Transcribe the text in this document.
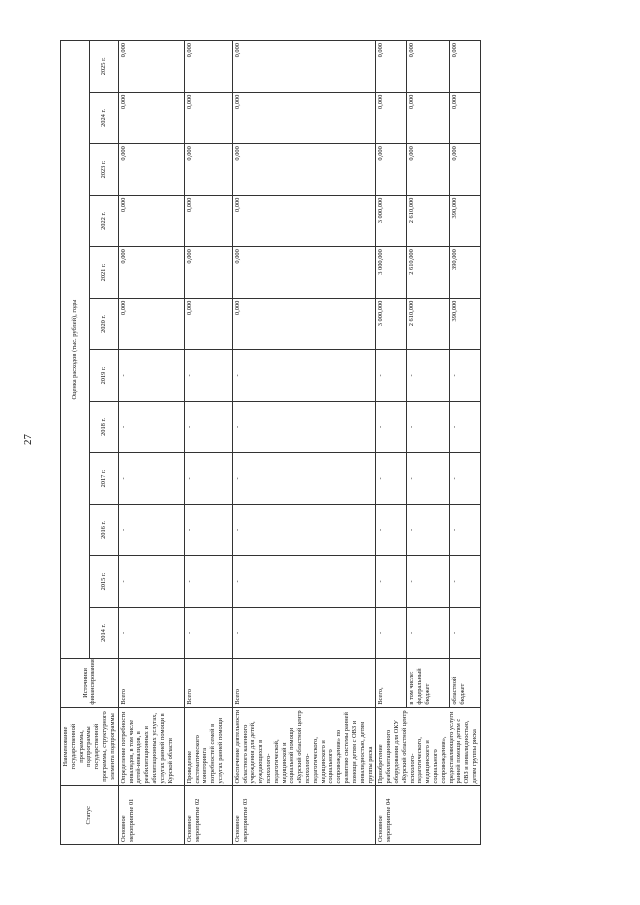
27
Статус	Наименование государственной программы, подпрограммы государственной программы, структурного элемента подпрограммы	Источники финансирования	Оценка расходов (тыс. рублей), годы											
			2014 г.	2015 г.	2016 г.	2017 г.	2018 г.	2019 г.	2020 г.	2021 г.	2022 г.	2023 г.	2024 г.	2025 г.
Основное мероприятие 01	Определение потребности инвалидов, в том числе детей-инвалидов, в реабилитационных и абилитационных услугах, услугах ранней помощи в Курской области	Всего	-	-	-	-	-	-	0,000	0,000	0,000	0,000	0,000	0,000
Основное мероприятие 02	Проведение систематического мониторинга потребностей семей в услугах ранней помощи	Всего	-	-	-	-	-	-	0,000	0,000	0,000	0,000	0,000	0,000
Основное мероприятие 03	Обеспечение деятельности областного казенного учреждения для детей, нуждающихся в психолого-педагогической, медицинской и социальной помощи «Курский областной центр психолого-педагогического, медицинского и социального сопровождения» по развитию системы ранней помощи детям с ОВЗ и инвалидностью, детям группы риска	Всего	-	-	-	-	-	-	0,000	0,000	0,000	0,000	0,000	0,000
Основное мероприятие 04	Приобретение реабилитационного оборудования для ОКУ «Курский областной центр психолого-педагогического, медицинского и социального сопровождения», предоставляющего услуги ранней помощи детям с ОВЗ и инвалидностью, детям группы риска	Всего,	-	-	-	-	-	-	3 000,000	3 000,000	3 000,000	0,000	0,000	0,000
		в том числе: федеральный бюджет	-	-	-	-	-	-	2 610,000	2 610,000	2 610,000	0,000	0,000	0,000
		областной бюджет	-	-	-	-	-	-	390,000	390,000	390,000	0,000	0,000	0,000
